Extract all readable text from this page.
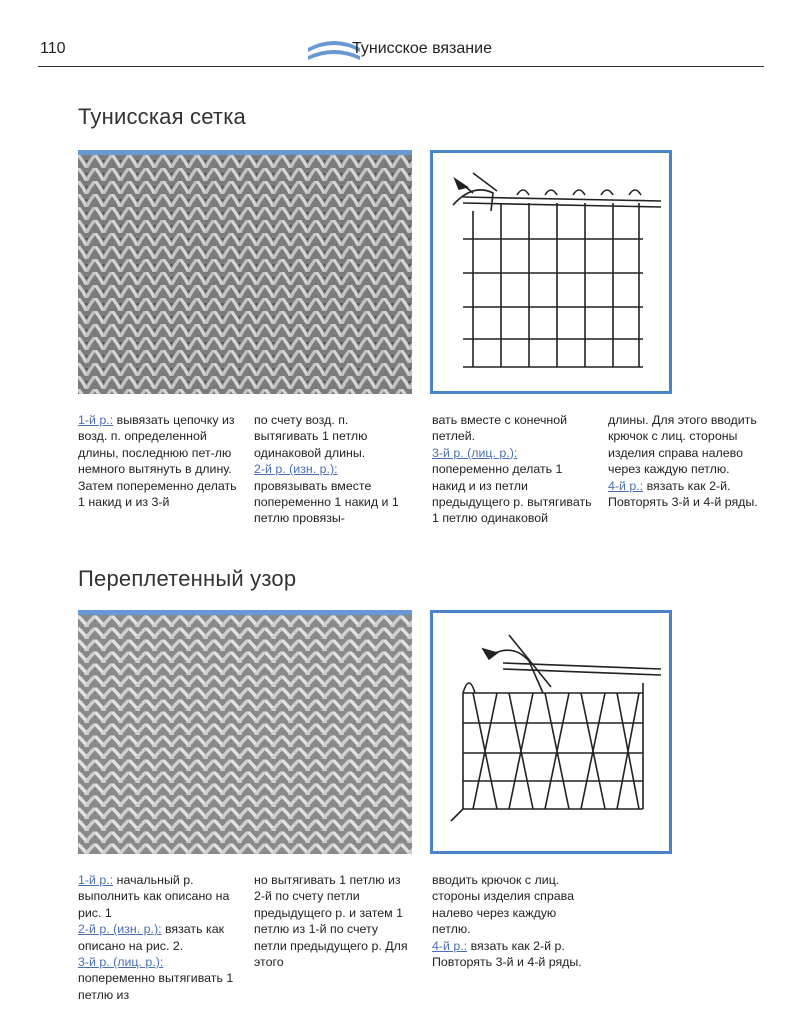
110	Тунисское вязание
Тунисская сетка

1-й р.: вывязать цепочку из возд. п. определенной длины, последнюю пет-лю немного вытянуть в длину. Затем попеременно делать 1 накид и из 3-й

по счету возд. п. вытягивать 1 петлю одинаковой длины.

2-й р. (изн. р.): провязывать вместе попеременно 1 накид и 1 петлю провязы-

вать вместе с конечной петлей.

3-й р. (лиц. р.): попеременно делать 1 накид и из петли предыдущего р. вытягивать 1 петлю одинаковой

длины. Для этого вводить крючок с лиц. стороны изделия справа налево через каждую петлю.

4-й р.: вязать как 2-й. Повторять 3-й и 4-й ряды.

Переплетенный узор

1-й р.: начальный р. выполнить как описано на рис. 1

2-й р. (изн. р.): вязать как описано на рис. 2.

3-й р. (лиц. р.): попеременно вытягивать 1 петлю из

но вытягивать 1 петлю из 2-й по счету петли предыдущего р. и затем 1 петлю из 1-й по счету петли предыдущего р. Для этого

вводить крючок с лиц. стороны изделия справа налево через каждую петлю.

4-й р.: вязать как 2-й р. Повторять 3-й и 4-й ряды.
